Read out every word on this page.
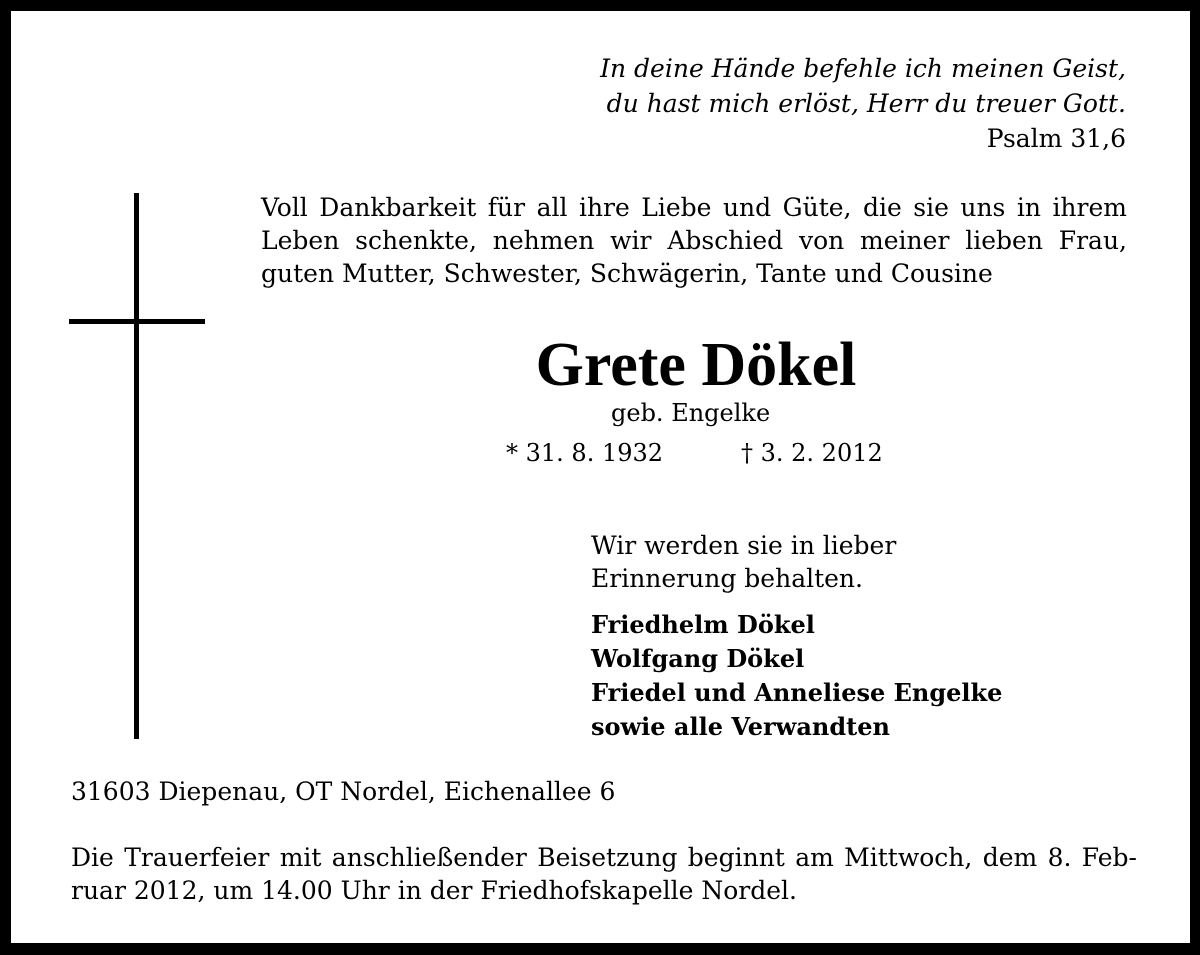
In deine Hände befehle ich meinen Geist,
du hast mich erlöst, Herr du treuer Gott.
Psalm 31,6
Voll Dankbarkeit für all ihre Liebe und Güte, die sie uns in ihrem
Leben schenkte, nehmen wir Abschied von meiner lieben Frau,
guten Mutter, Schwester, Schwägerin, Tante und Cousine
Grete Dökel
geb. Engelke
* 31. 8. 1932	† 3. 2. 2012
Wir werden sie in lieber
Erinnerung behalten.
Friedhelm Dökel
Wolfgang Dökel
Friedel und Anneliese Engelke
sowie alle Verwandten
31603 Diepenau, OT Nordel, Eichenallee 6
Die Trauerfeier mit anschließender Beisetzung beginnt am Mittwoch, dem 8. Feb-
ruar 2012, um 14.00 Uhr in der Friedhofskapelle Nordel.
